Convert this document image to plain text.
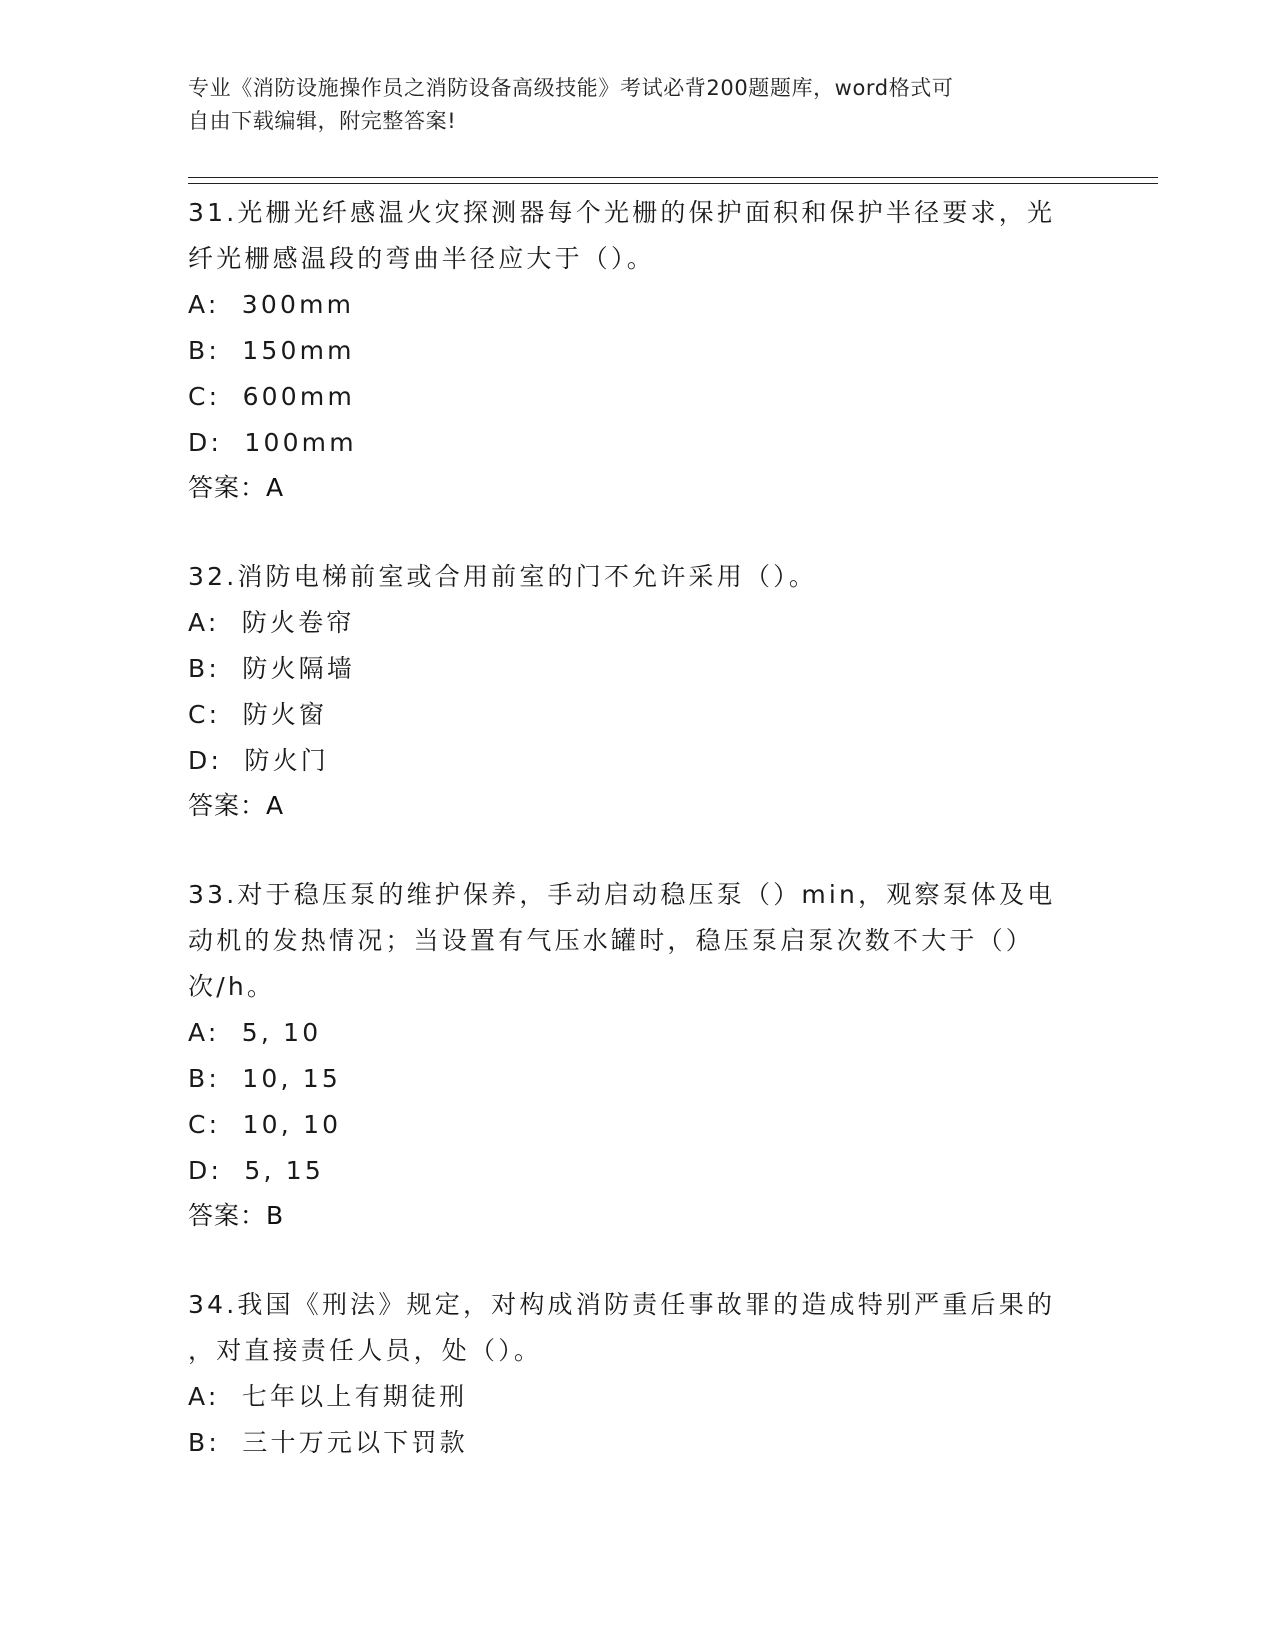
专业《消防设施操作员之消防设备高级技能》考试必背200题题库，word格式可
自由下载编辑，附完整答案!

31.光栅光纤感温火灾探测器每个光栅的保护面积和保护半径要求，光

纤光栅感温段的弯曲半径应大于（）。

A:  300mm

B:  150mm

C:  600mm

D:  100mm

答案：A

32.消防电梯前室或合用前室的门不允许采用（）。

A:  防火卷帘

B:  防火隔墙

C:  防火窗

D:  防火门

答案：A

33.对于稳压泵的维护保养，手动启动稳压泵（）min，观察泵体及电

动机的发热情况；当设置有气压水罐时，稳压泵启泵次数不大于（）

次/h。

A:  5, 10

B:  10, 15

C:  10, 10

D:  5, 15

答案：B

34.我国《刑法》规定，对构成消防责任事故罪的造成特别严重后果的

，对直接责任人员，处（）。

A:  七年以上有期徒刑

B:  三十万元以下罚款
